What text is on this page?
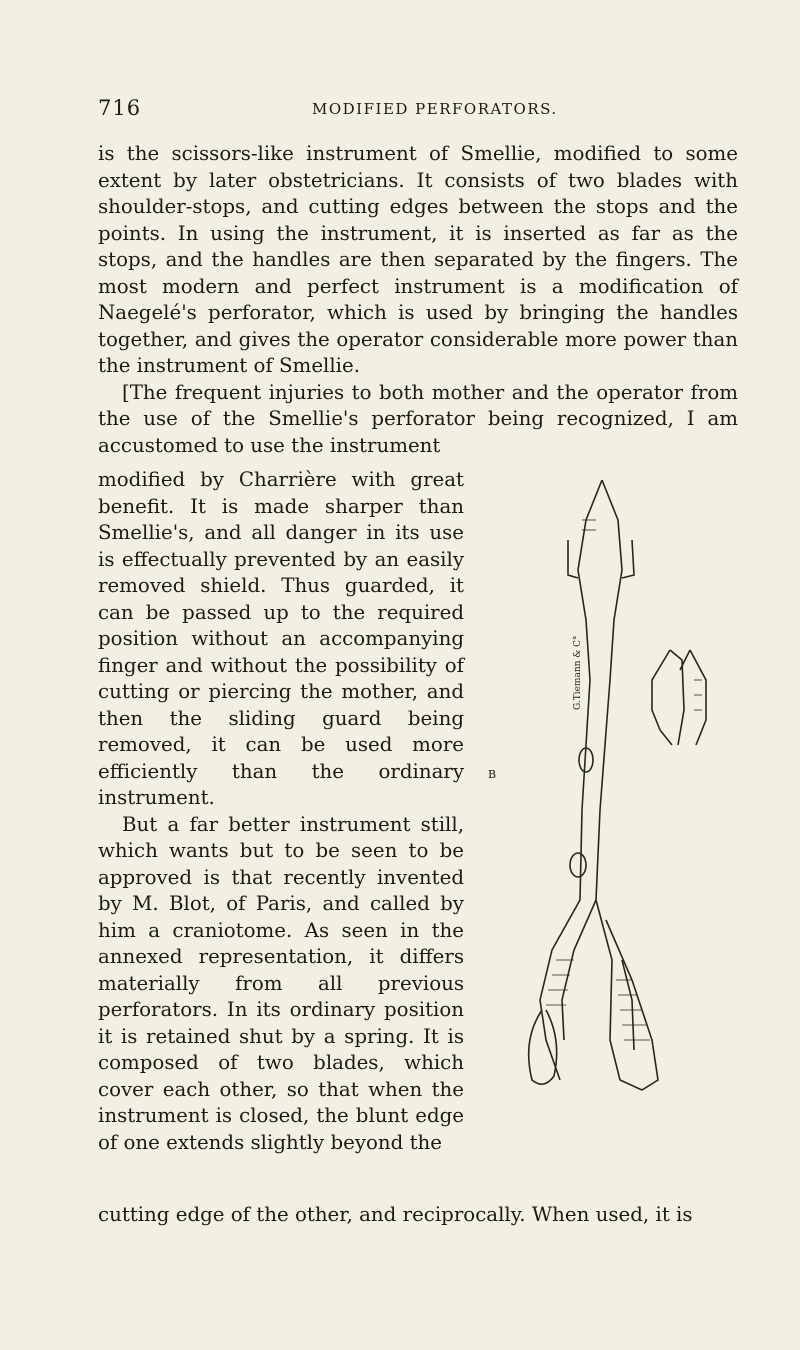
716	MODIFIED PERFORATORS.
is the scissors-like instrument of Smellie, modified to some extent by later obstetricians. It consists of two blades with shoulder-stops, and cutting edges between the stops and the points. In using the instrument, it is inserted as far as the stops, and the handles are then separated by the fingers. The most modern and perfect instrument is a modification of Naegelé's perforator, which is used by bringing the handles together, and gives the operator considerable more power than the instrument of Smellie.
[The frequent injuries to both mother and the operator from the use of the Smellie's perforator being recognized, I am accustomed to use the instrument

modified by Charrière with great benefit. It is made sharper than Smellie's, and all danger in its use is effectually prevented by an easily removed shield. Thus guarded, it can be passed up to the required position without an accompanying finger and without the possibility of cutting or piercing the mother, and then the sliding guard being removed, it can be used more efficiently than the ordinary instrument.

But a far better instrument still, which wants but to be seen to be approved is that recently invented by M. Blot, of Paris, and called by him a craniotome. As seen in the annexed representation, it differs materially from all previous perforators. In its ordinary position it is retained shut by a spring. It is composed of two blades, which cover each other, so that when the instrument is closed, the blunt edge of one extends slightly beyond the

cutting edge of the other, and reciprocally. When used, it is
G.Tiemann & C°
B
